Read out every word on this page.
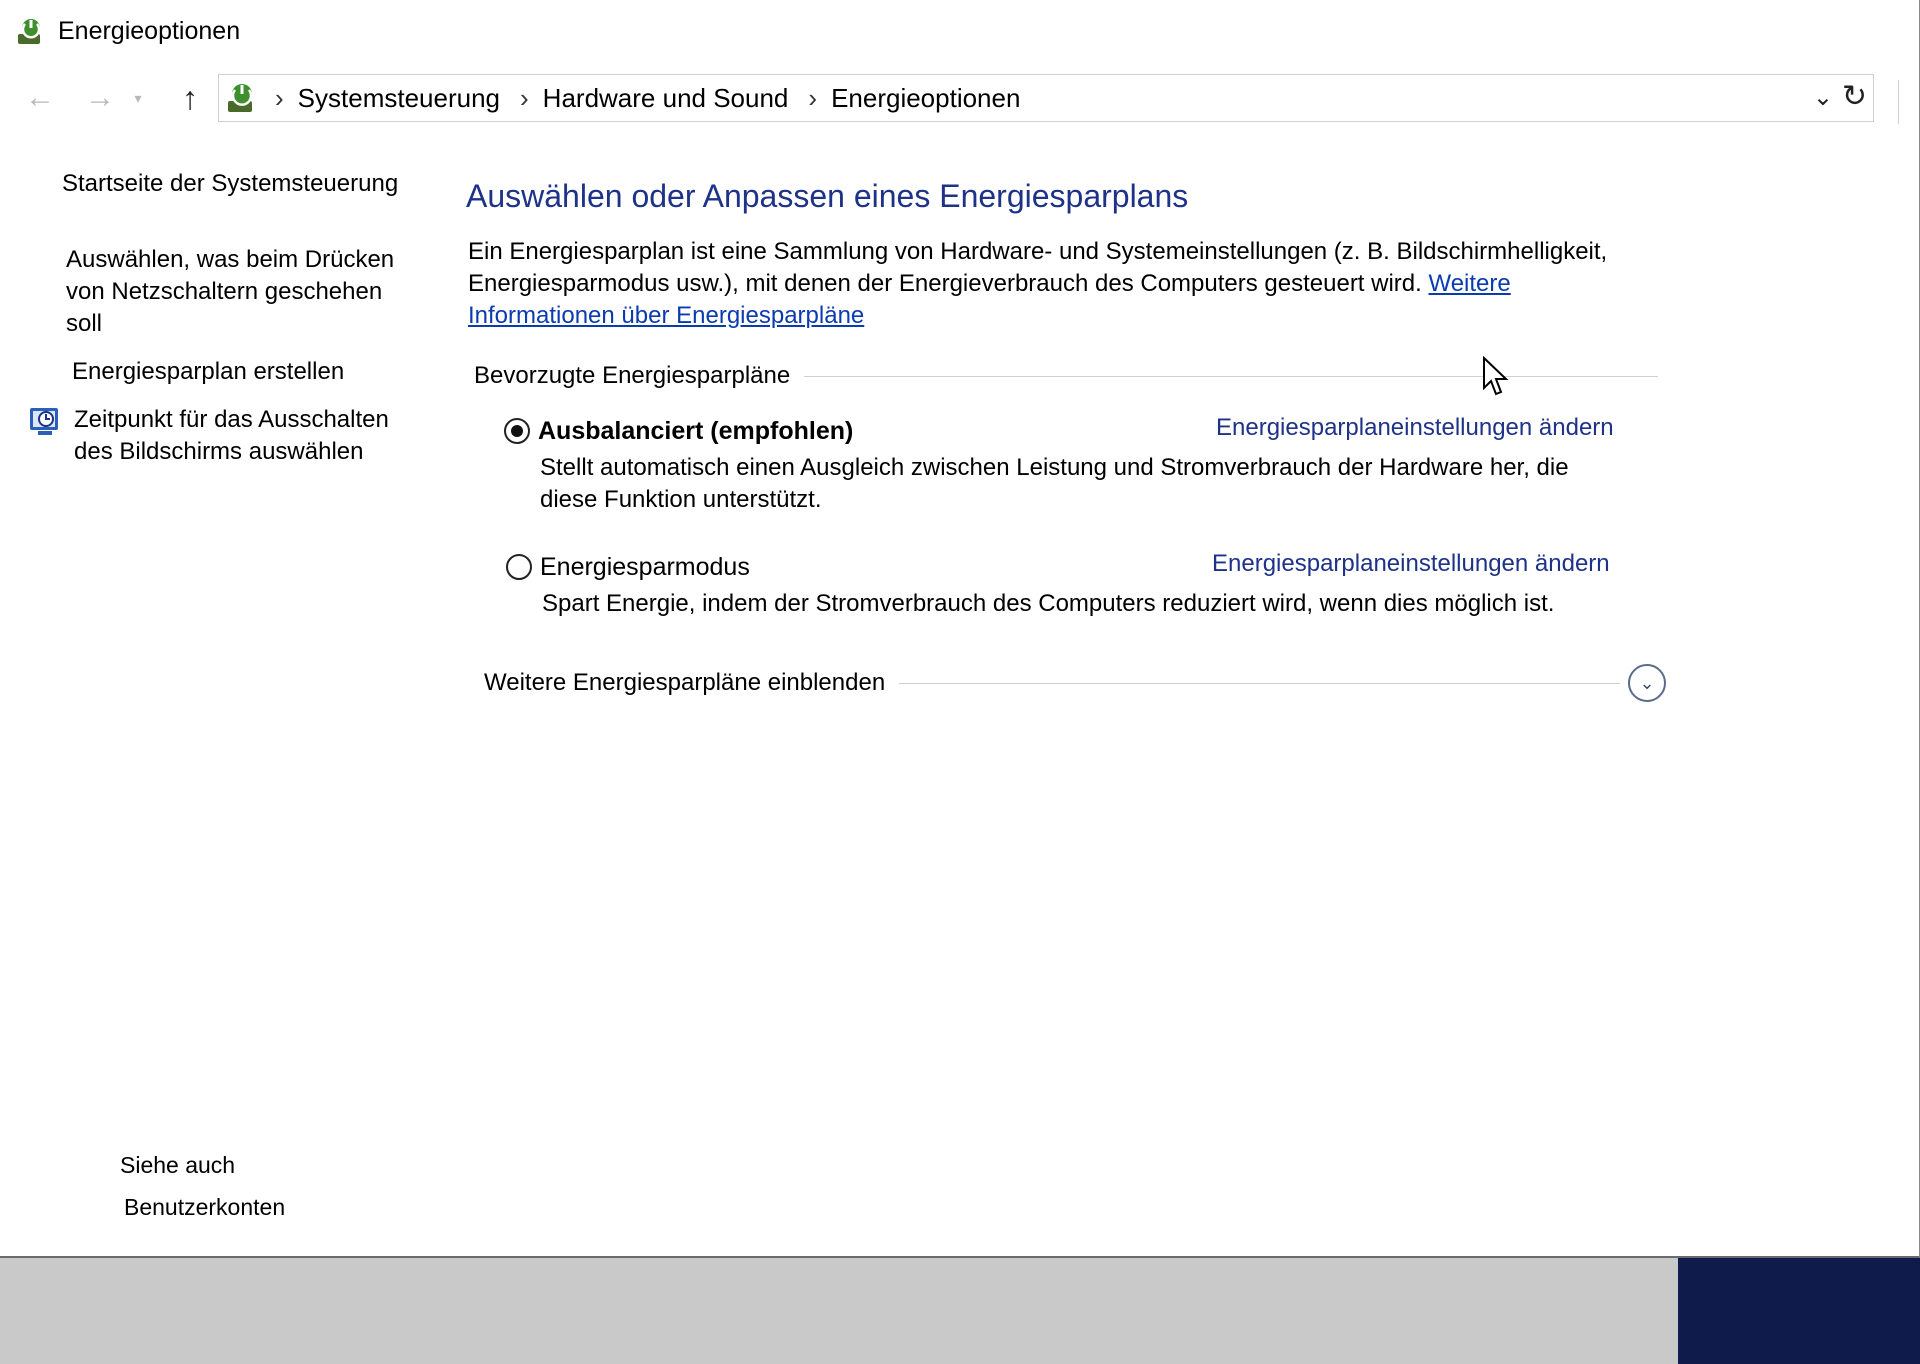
Energieoptionen
← → ▾ ↑	› Systemsteuerung › Hardware und Sound › Energieoptionen	⌄ ↻
Startseite der Systemsteuerung
Auswählen, was beim Drücken von Netzschaltern geschehen soll
Energiesparplan erstellen
Zeitpunkt für das Ausschalten des Bildschirms auswählen
Siehe auch
Benutzerkonten
Auswählen oder Anpassen eines Energiesparplans
Ein Energiesparplan ist eine Sammlung von Hardware- und Systemeinstellungen (z. B. Bildschirmhelligkeit, Energiesparmodus usw.), mit denen der Energieverbrauch des Computers gesteuert wird. Weitere Informationen über Energiesparpläne
Bevorzugte Energiesparpläne
Ausbalanciert (empfohlen)	Energiesparplaneinstellungen ändern
Stellt automatisch einen Ausgleich zwischen Leistung und Stromverbrauch der Hardware her, die diese Funktion unterstützt.
Energiesparmodus	Energiesparplaneinstellungen ändern
Spart Energie, indem der Stromverbrauch des Computers reduziert wird, wenn dies möglich ist.
Weitere Energiesparpläne einblenden	⌄
